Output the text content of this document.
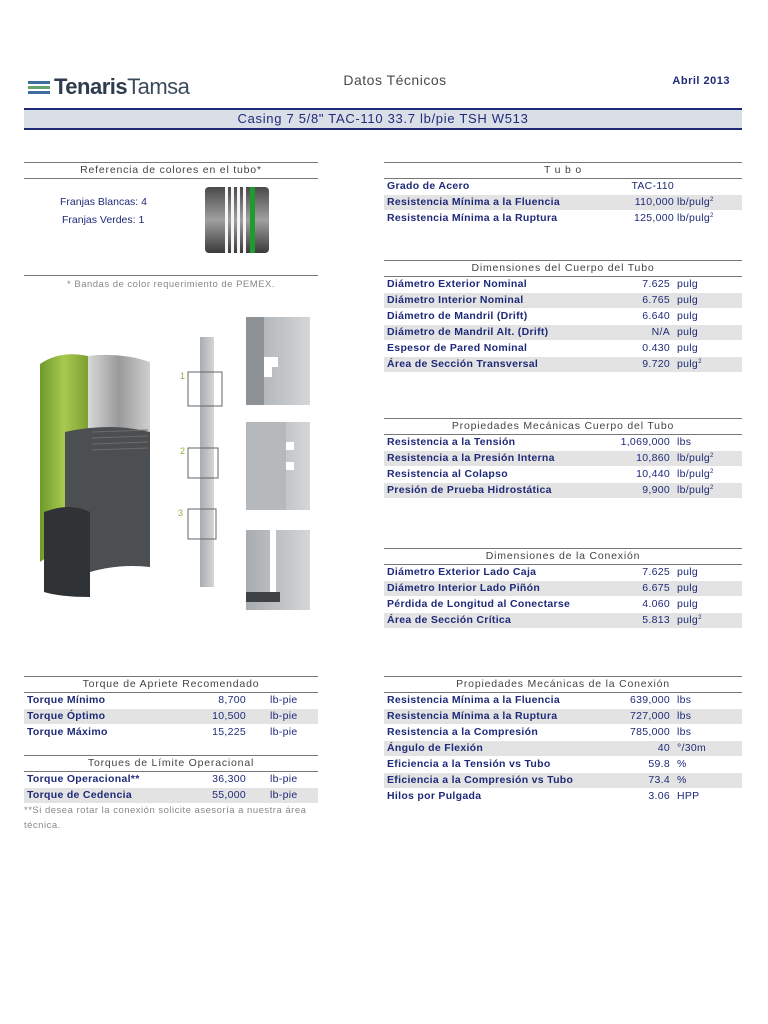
TenarisTamsa	Datos Técnicos	Abril 2013
Casing 7 5/8" TAC-110 33.7 lb/pie TSH W513
Referencia de colores en el tubo*
Franjas Blancas: 4
Franjas Verdes: 1
* Bandas de color requerimiento de PEMEX.
1
2
3
T u b o
Grado de Acero	TAC-110
Resistencia Mínima a la Fluencia	110,000 lb/pulg$^2$
Resistencia Mínima a la Ruptura	125,000 lb/pulg$^2$
Dimensiones del Cuerpo del Tubo
Diámetro Exterior Nominal	7.625 pulg
Diámetro Interior Nominal	6.765 pulg
Diámetro de Mandril (Drift)	6.640 pulg
Diámetro de Mandril Alt. (Drift)	N/A pulg
Espesor de Pared Nominal	0.430 pulg
Área de Sección Transversal	9.720 pulg$^2$
Propiedades Mecánicas Cuerpo del Tubo
Resistencia a la Tensión	1,069,000 lbs
Resistencia a la Presión Interna	10,860 lb/pulg$^2$
Resistencia al Colapso	10,440 lb/pulg$^2$
Presión de Prueba Hidrostática	9,900 lb/pulg$^2$
Dimensiones de la Conexión
Diámetro Exterior Lado Caja	7.625 pulg
Diámetro Interior Lado Piñón	6.675 pulg
Pérdida de Longitud al Conectarse	4.060 pulg
Área de Sección Crítica	5.813 pulg$^2$
Propiedades Mecánicas de la Conexión
Resistencia Mínima a la Fluencia	639,000 lbs
Resistencia Mínima a la Ruptura	727,000 lbs
Resistencia a la Compresión	785,000 lbs
Ángulo de Flexión	40 °/30m
Eficiencia a la Tensión vs Tubo	59.8 %
Eficiencia a la Compresión vs Tubo	73.4 %
Hilos por Pulgada	3.06 HPP
Torque de Apriete Recomendado
Torque Mínimo	8,700 lb-pie
Torque Óptimo	10,500 lb-pie
Torque Máximo	15,225 lb-pie
Torques de Límite Operacional
Torque Operacional**	36,300 lb-pie
Torque de Cedencia	55,000 lb-pie
**Si desea rotar la conexión solicite asesoría a nuestra área técnica.
